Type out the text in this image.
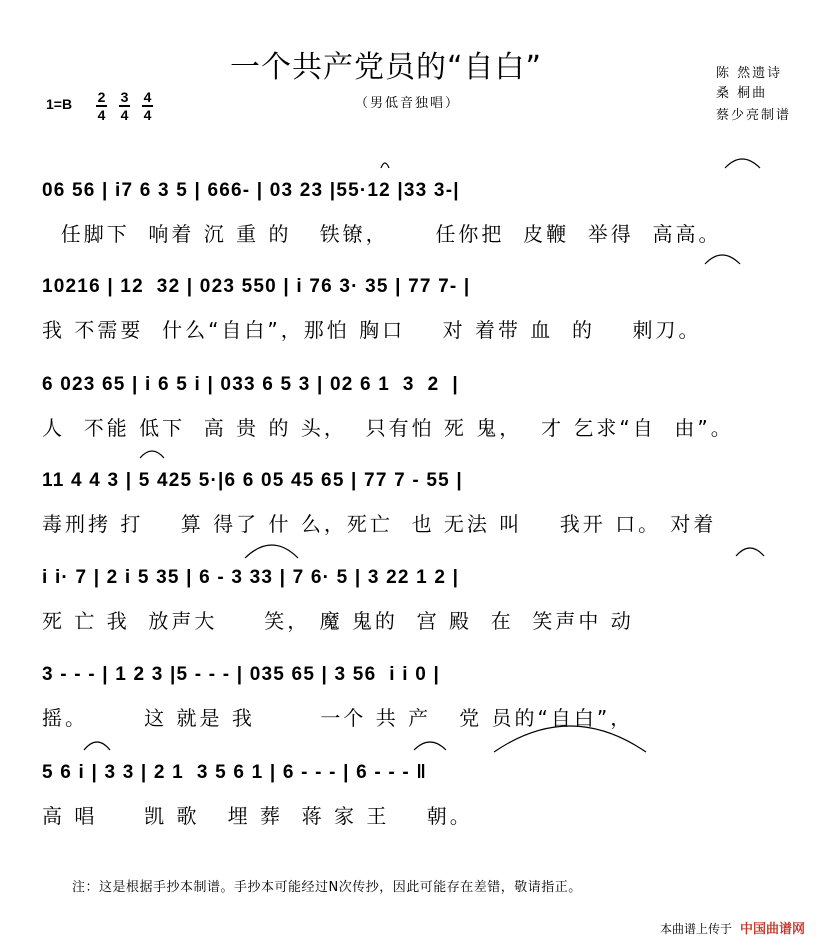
一个共产党员的“自白”
（男低音独唱）
陈 然遗诗
桑 桐曲
蔡少亮制谱
$1=B \frac{2}{4} \frac{3}{4} \frac{4}{4}$
06 56 | i7 6 3 5 | 666- | 03 23 |55·12 |33 3-|
任脚下  响着 沉 重 的   铁镣，     任你把  皮鞭  举得  高高。
10216 | 12  32 | 023 550 | i 76 3· 35 | 77 7- |
我 不需要  什么“自白”，那怕 胸口    对 着带 血  的    刺刀。
6 023 65 | i 6 5 i | 033 6 5 3 | 02 6 1  3  2  |
人  不能 低下  高 贵 的 头，  只有怕 死 鬼，  才 乞求“自  由”。
11 4 4 3 | 5 425 5·|6 6 05 45 65 | 77 7 - 55 |
毒刑拷 打    算 得了 什 么，死亡  也 无法 叫    我开 口。 对着
i i· 7 | 2 i 5 35 | 6 - 3 33 | 7 6· 5 | 3 22 1 2 |
死 亡 我  放声大     笑， 魔 鬼的  宫 殿  在  笑声中 动
3 - - - | 1 2 3 |5 - - - | 035 65 | 3 56  i i 0 |
摇。      这 就是 我       一个 共 产   党 员的“自白”，
5 6 i | 3 3 | 2 1  3 5 6 1 | 6 - - - | 6 - - - ‖
高 唱     凯 歌   埋 葬  蒋 家 王    朝。
注：这是根据手抄本制谱。手抄本可能经过N次传抄，因此可能存在差错，敬请指正。
本曲谱上传于 中国曲谱网
